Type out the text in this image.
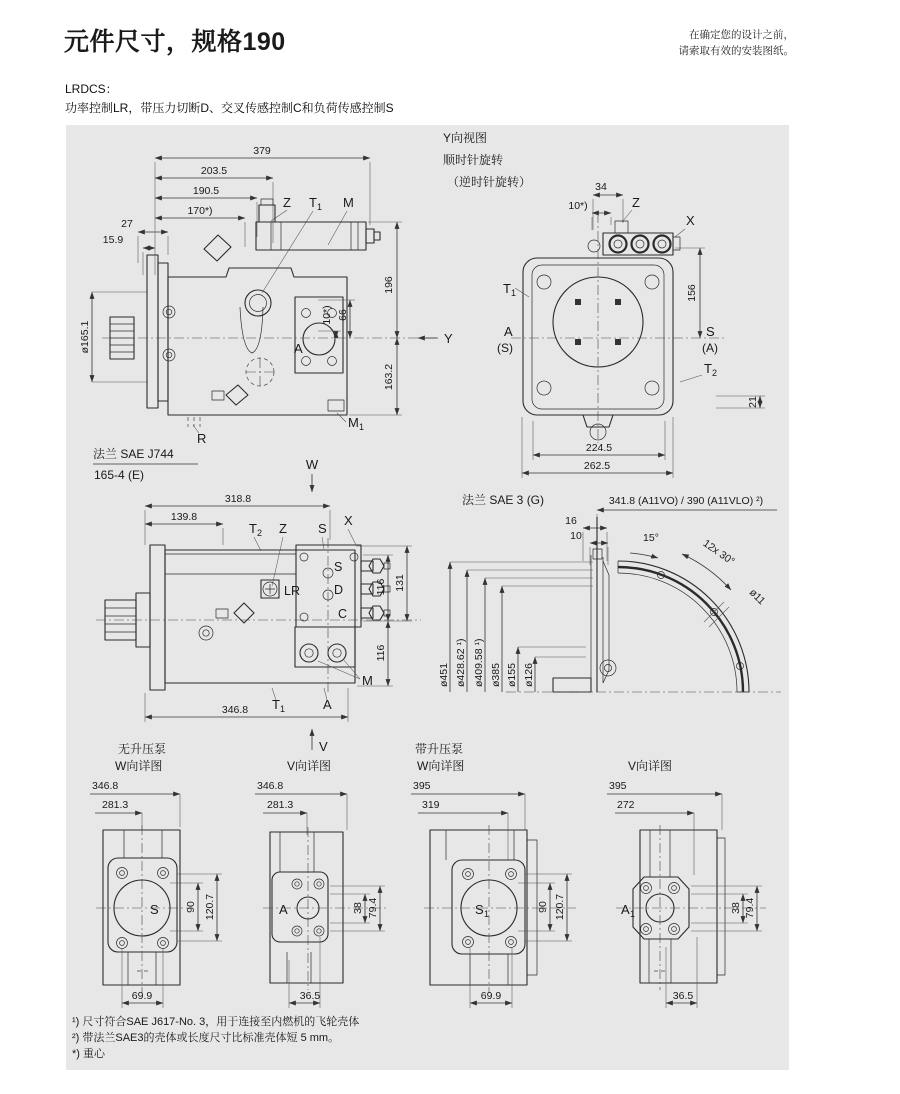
元件尺寸，规格190	在确定您的设计之前，
请索取有效的安装图纸。
LRDCS：
功率控制LR，带压力切断D、交叉传感控制C和负荷传感控制S
379
203.5
190.5
170*)
27
15.9
Z T 1 M
Y
196
163.2
10*) 66
ø165.1	A
M 1
R
法兰 SAE J744
165-4 (E)
W
Y向视图
顺时针旋转
（逆时针旋转）	34
10*)	Z
X
T 1
A
(S)
S
(A)
T 2
156
21
224.5
262.5
318.8
139.8
T 2 Z S
X
S
D
C
LR	116 131
116
M
346.8 T 1	A
V
法兰 SAE 3 (G)	341.8 (A11VO) / 390 (A11VLO) ²)
16
10	15°	12x 30°
ø11
ø451 ø428.62 ¹) ø409.58 ¹) ø385 ø155 ø126
无升压泵
W向详图
346.8
281.3
S	90 120.7
69.9
V向详图
346.8
281.3
A	38 79.4
36.5
带升压泵
W向详图
395
319
S 1
90 120.7
69.9
V向详图
395
272
A 1
38 79.4
36.5
¹) 尺寸符合SAE J617-No. 3，用于连接至内燃机的飞轮壳体
²) 带法兰SAE3的壳体或长度尺寸比标准壳体短 5 mm。
*) 重心
